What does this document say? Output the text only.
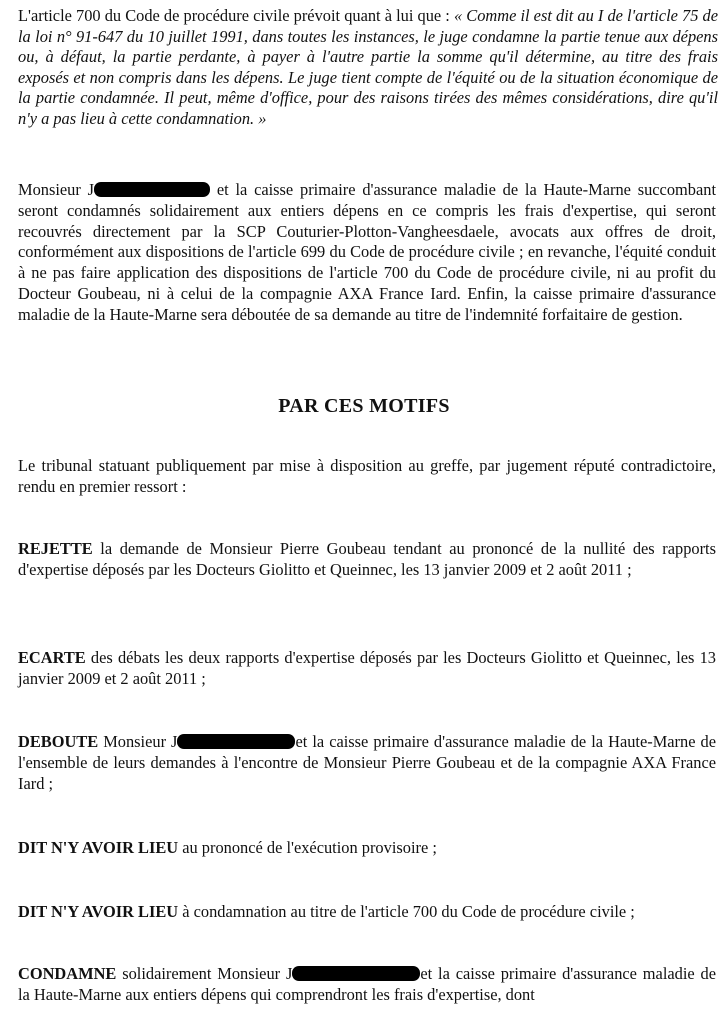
L'article 700 du Code de procédure civile prévoit quant à lui que : « Comme il est dit au I de l'article 75 de la loi n° 91-647 du 10 juillet 1991, dans toutes les instances, le juge condamne la partie tenue aux dépens ou, à défaut, la partie perdante, à payer à l'autre partie la somme qu'il détermine, au titre des frais exposés et non compris dans les dépens. Le juge tient compte de l'équité ou de la situation économique de la partie condamnée. Il peut, même d'office, pour des raisons tirées des mêmes considérations, dire qu'il n'y a pas lieu à cette condamnation. »
Monsieur J	et la caisse primaire d'assurance maladie de la Haute-Marne succombant seront condamnés solidairement aux entiers dépens en ce compris les frais d'expertise, qui seront recouvrés directement par la SCP Couturier-Plotton-Vangheesdaele, avocats aux offres de droit, conformément aux dispositions de l'article 699 du Code de procédure civile ; en revanche, l'équité conduit à ne pas faire application des dispositions de l'article 700 du Code de procédure civile, ni au profit du Docteur Goubeau, ni à celui de la compagnie AXA France Iard. Enfin, la caisse primaire d'assurance maladie de la Haute-Marne sera déboutée de sa demande au titre de l'indemnité forfaitaire de gestion.
PAR CES MOTIFS
Le tribunal statuant publiquement par mise à disposition au greffe, par jugement réputé contradictoire, rendu en premier ressort :
REJETTE la demande de Monsieur Pierre Goubeau tendant au prononcé de la nullité des rapports d'expertise déposés par les Docteurs Giolitto et Queinnec, les 13 janvier 2009 et 2 août 2011 ;
ECARTE des débats les deux rapports d'expertise déposés par les Docteurs Giolitto et Queinnec, les 13 janvier 2009 et 2 août 2011 ;
DEBOUTE Monsieur J	et la caisse primaire d'assurance maladie de la Haute-Marne de l'ensemble de leurs demandes à l'encontre de Monsieur Pierre Goubeau et de la compagnie AXA France Iard ;
DIT N'Y AVOIR LIEU au prononcé de l'exécution provisoire ;
DIT N'Y AVOIR LIEU à condamnation au titre de l'article 700 du Code de procédure civile ;
CONDAMNE solidairement Monsieur J	et la caisse primaire d'assurance maladie de la Haute-Marne aux entiers dépens qui comprendront les frais d'expertise, dont
